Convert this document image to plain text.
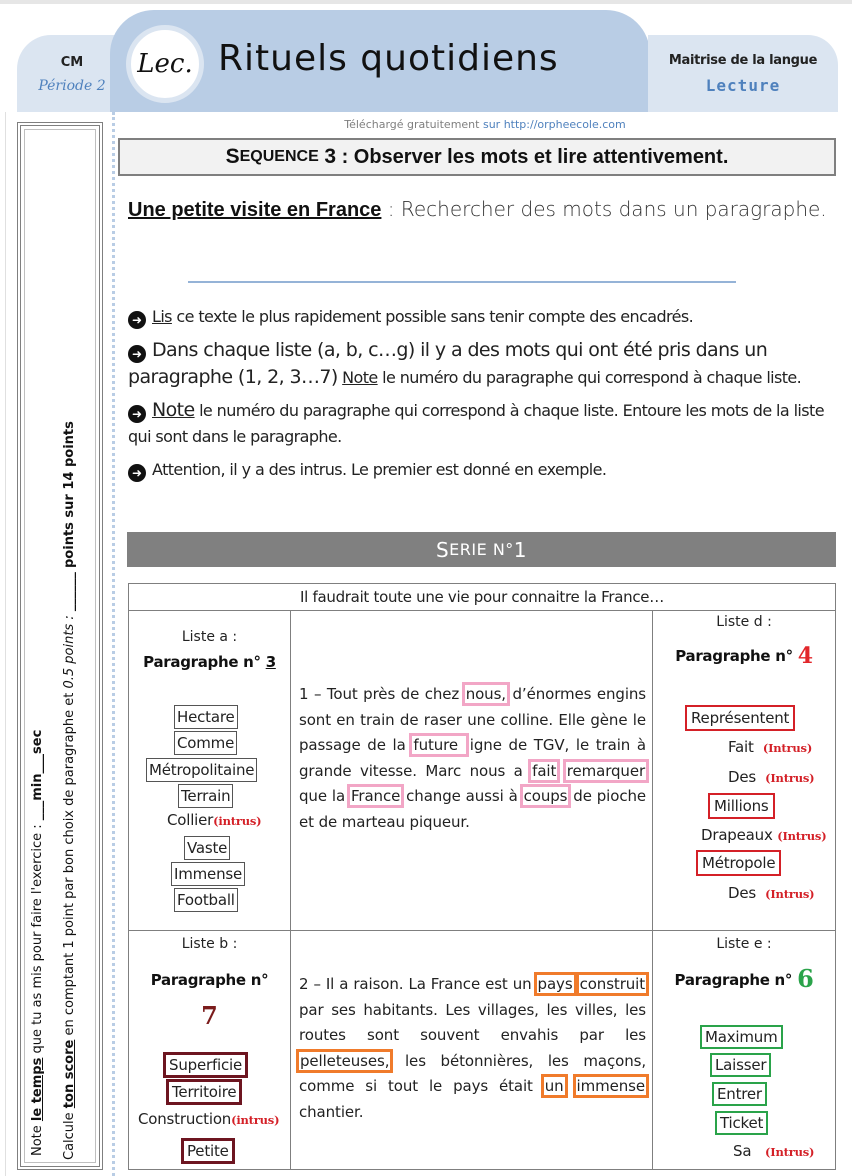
CM
Période 2
Maitrise de la langue
Lecture
Lec. Rituels quotidiens
Note le temps que tu as mis pour faire l'exercice : ___min___sec
Calcule ton score en comptant 1 point par bon choix de paragraphe et 0.5 points : ______ points sur 14 points
Téléchargé gratuitement sur http://orpheecole.com
S EQUENCE
3
: Observer les mots et lire attentivement.
Une petite visite en France : Rechercher des mots dans un paragraphe.
➜ Lis ce texte le plus rapidement possible sans tenir compte des encadrés.
➜ Dans chaque liste (a, b, c…g) il y a des mots qui ont été pris dans un paragraphe (1, 2, 3…7) Note le numéro du paragraphe qui correspond à chaque liste.
➜ Note le numéro du paragraphe qui correspond à chaque liste. Entoure les mots de la liste qui sont dans le paragraphe.
➜ Attention, il y a des intrus. Le premier est donné en exemple.
S ERIE N° 1
Il faudrait toute une vie pour connaitre la France…
Liste a :
Paragraphe n° 3
Hectare
Comme
Métropolitaine
Terrain
Collier(intrus)
Vaste
Immense
Football
1 – Tout près de chez nous, d’énormes engins sont en train de raser une colline. Elle gène le passage de la future ligne de TGV, le train à grande vitesse. Marc nous a fait remarquer que la France change aussi à coups de pioche et de marteau piqueur.
Liste d :
Paragraphe n° 4
Représentent
Fait (Intrus)
Des (Intrus)
Millions
Drapeaux (Intrus)
Métropole
Des (Intrus)
Liste b :
Paragraphe n°
7
Superficie
Territoire
Construction(intrus)
Petite
2 – Il a raison. La France est un pays construit par ses habitants. Les villages, les villes, les routes sont souvent envahis par les pelleteuses, les bétonnières, les maçons, comme si tout le pays était un immense chantier.
Liste e :
Paragraphe n° 6
Maximum
Laisser
Entrer
Ticket
Sa (Intrus)
